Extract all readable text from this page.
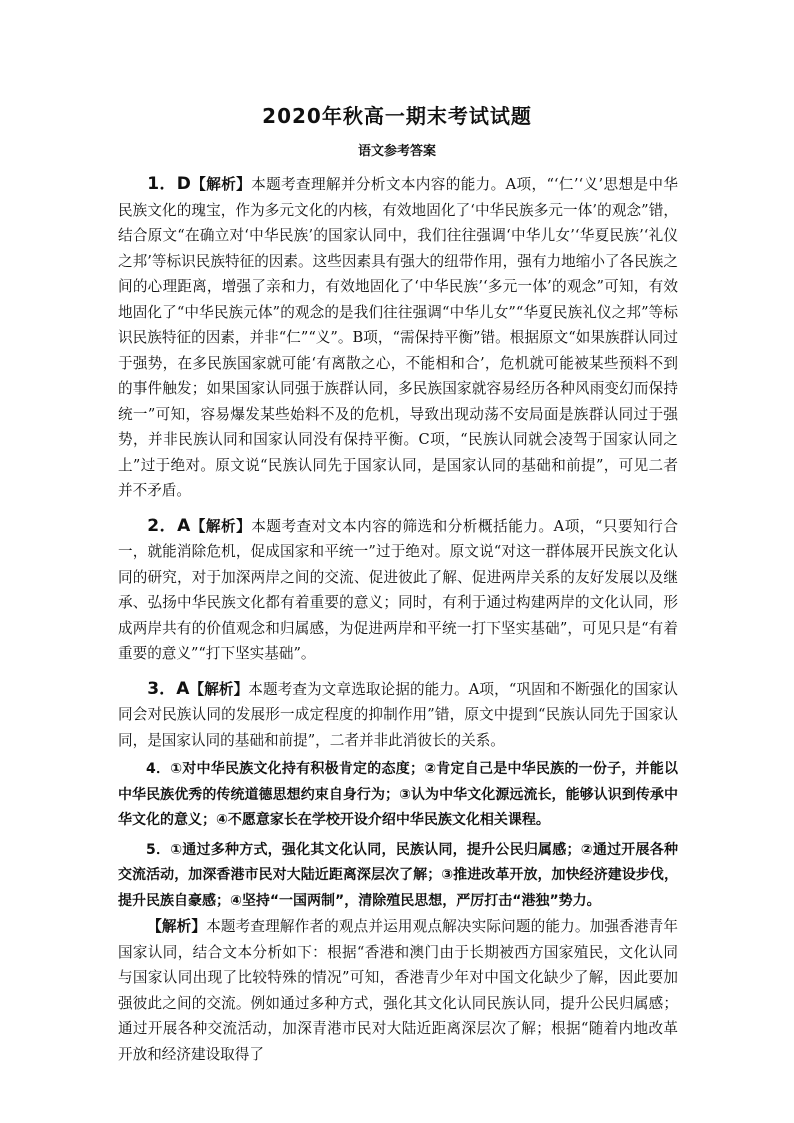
2020年秋高一期末考试试题
语文参考答案

1．D【解析】本题考查理解并分析文本内容的能力。A项，“‘仁’‘义’思想是中华民族文化的瑰宝，作为多元文化的内核，有效地固化了‘中华民族多元一体’的观念”错，结合原文“在确立对‘中华民族’的国家认同中，我们往往强调‘中华儿女’‘华夏民族’‘礼仪之邦’等标识民族特征的因素。这些因素具有强大的纽带作用，强有力地缩小了各民族之间的心理距离，增强了亲和力，有效地固化了‘中华民族’‘多元一体’的观念”可知，有效地固化了“中华民族元体”的观念的是我们往往强调“中华儿女”“华夏民族礼仪之邦”等标识民族特征的因素，并非“仁”“义”。B项，“需保持平衡”错。根据原文“如果族群认同过于强势，在多民族国家就可能‘有离散之心，不能相和合’，危机就可能被某些预料不到的事件触发；如果国家认同强于族群认同，多民族国家就容易经历各种风雨变幻而保持统一”可知，容易爆发某些始料不及的危机，导致出现动荡不安局面是族群认同过于强势，并非民族认同和国家认同没有保持平衡。C项，“民族认同就会凌驾于国家认同之上”过于绝对。原文说“民族认同先于国家认同，是国家认同的基础和前提”，可见二者并不矛盾。

2．A【解析】本题考查对文本内容的筛选和分析概括能力。A项，“只要知行合一，就能消除危机，促成国家和平统一”过于绝对。原文说“对这一群体展开民族文化认同的研究，对于加深两岸之间的交流、促进彼此了解、促进两岸关系的友好发展以及继承、弘扬中华民族文化都有着重要的意义；同时，有利于通过构建两岸的文化认同，形成两岸共有的价值观念和归属感，为促进两岸和平统一打下坚实基础”，可见只是“有着重要的意义”“打下坚实基础”。

3．A【解析】本题考查为文章选取论据的能力。A项，“巩固和不断强化的国家认同会对民族认同的发展形一成定程度的抑制作用”错，原文中提到“民族认同先于国家认同，是国家认同的基础和前提”，二者并非此消彼长的关系。

4．①对中华民族文化持有积极肯定的态度；②肯定自己是中华民族的一份子，并能以中华民族优秀的传统道德思想约束自身行为；③认为中华文化源远流长，能够认识到传承中华文化的意义；④不愿意家长在学校开设介绍中华民族文化相关课程。

5．①通过多种方式，强化其文化认同，民族认同，提升公民归属感；②通过开展各种交流活动，加深香港市民对大陆近距离深层次了解；③推进改革开放，加快经济建设步伐，提升民族自豪感；④坚持“一国两制”，清除殖民思想，严厉打击“港独”势力。

【解析】本题考查理解作者的观点并运用观点解决实际问题的能力。加强香港青年国家认同，结合文本分析如下：根据“香港和澳门由于长期被西方国家殖民，文化认同与国家认同出现了比较特殊的情况”可知，香港青少年对中国文化缺少了解，因此要加强彼此之间的交流。例如通过多种方式，强化其文化认同民族认同，提升公民归属感；通过开展各种交流活动，加深青港市民对大陆近距离深层次了解；根据“随着内地改革开放和经济建设取得了
